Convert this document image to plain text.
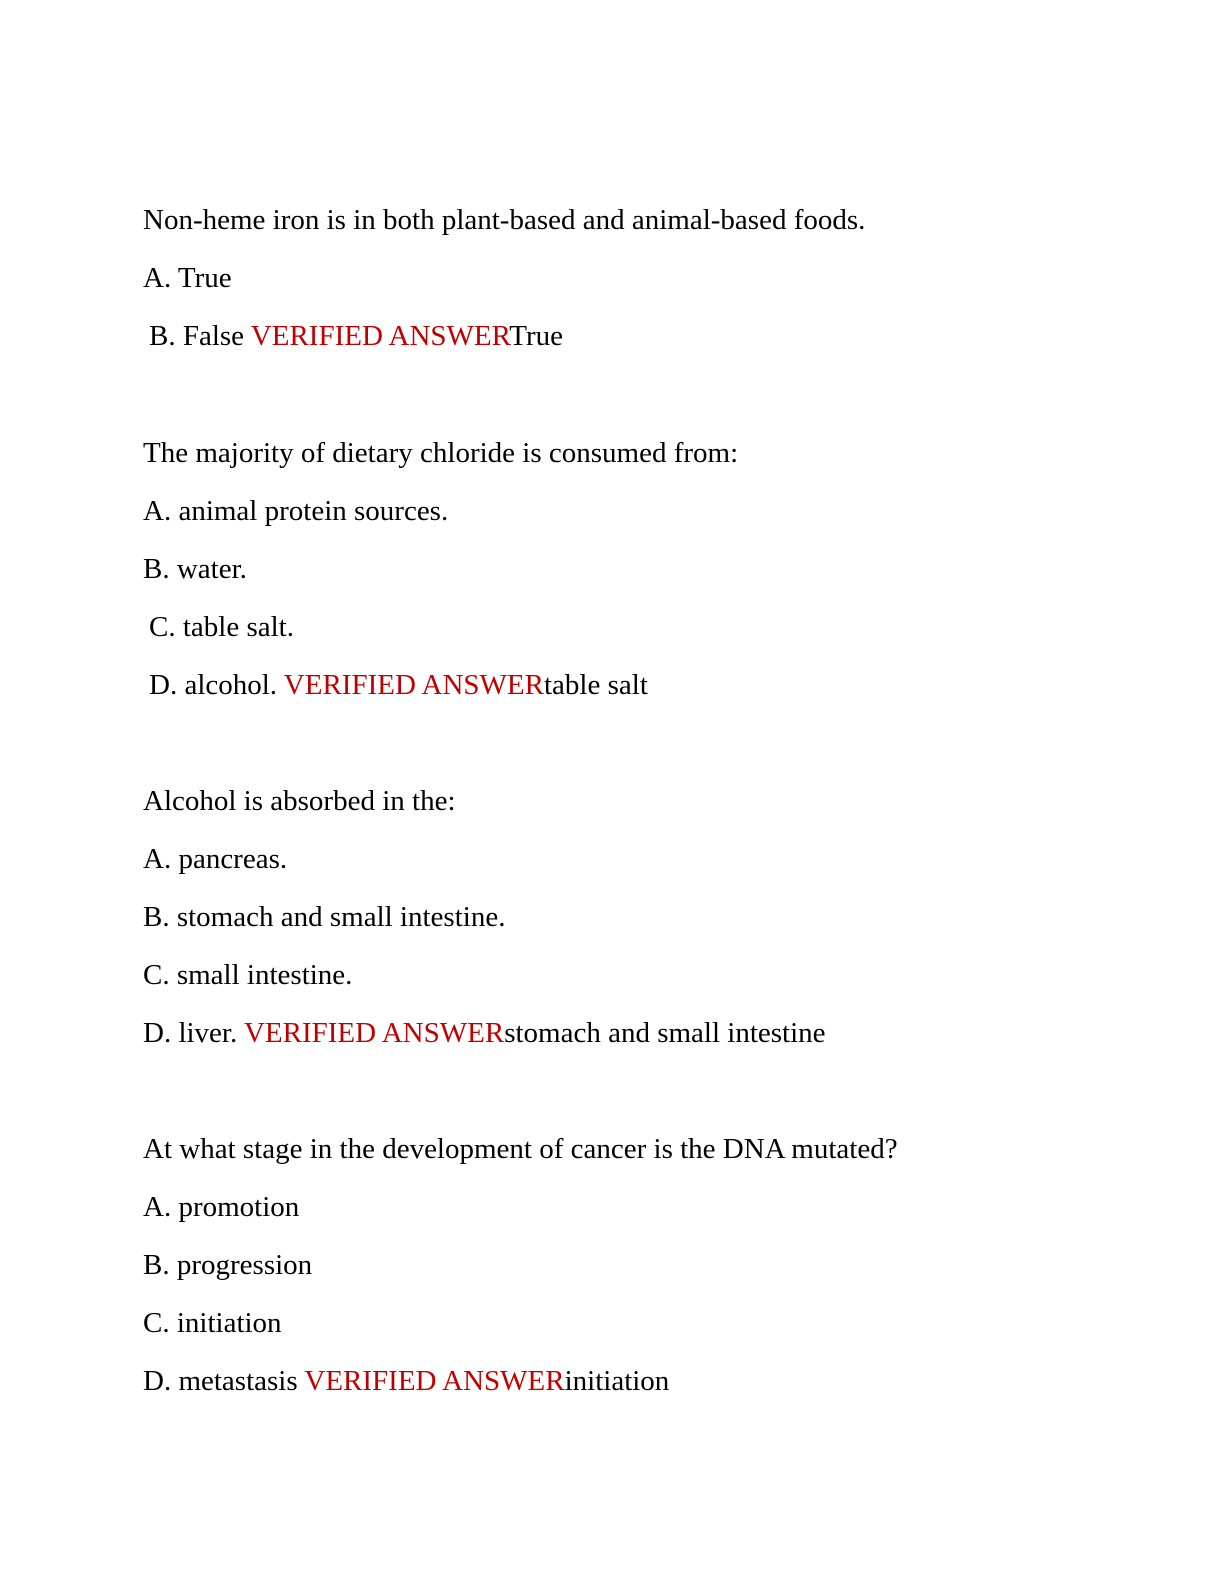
Non-heme iron is in both plant-based and animal-based foods.
A. True
B. False VERIFIED ANSWERTrue
The majority of dietary chloride is consumed from:
A. animal protein sources.
B. water.
C. table salt.
D. alcohol. VERIFIED ANSWERtable salt
Alcohol is absorbed in the:
A. pancreas.
B. stomach and small intestine.
C. small intestine.
D. liver. VERIFIED ANSWERstomach and small intestine
At what stage in the development of cancer is the DNA mutated?
A. promotion
B. progression
C. initiation
D. metastasis VERIFIED ANSWERinitiation
